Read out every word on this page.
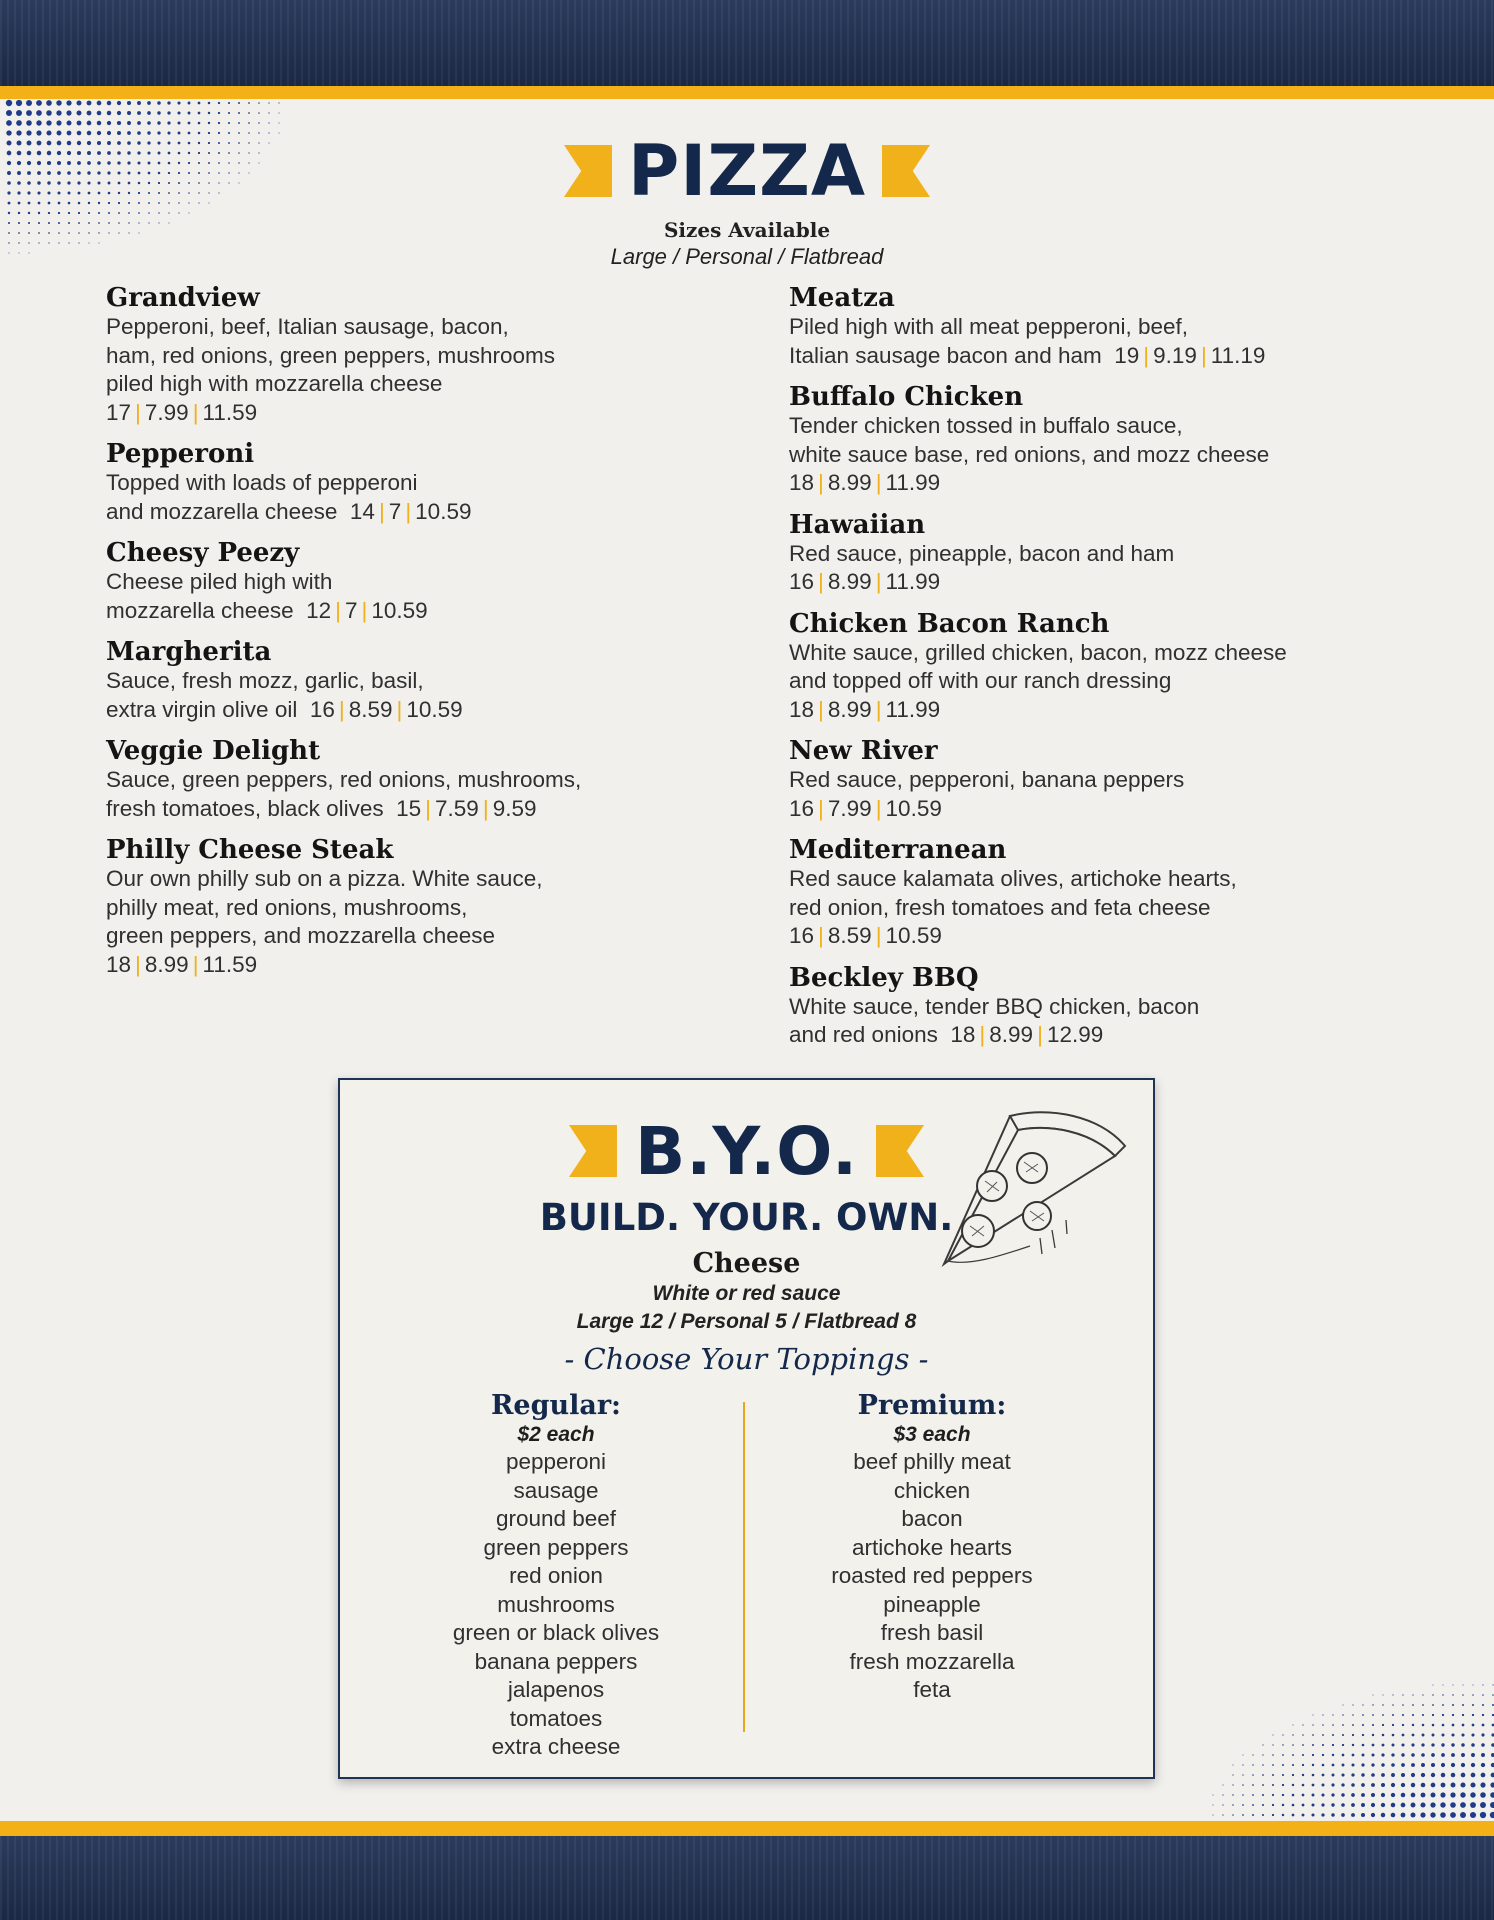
PIZZA
Sizes Available
Large / Personal / Flatbread
Grandview
Pepperoni, beef, Italian sausage, bacon,
ham, red onions, green peppers, mushrooms
piled high with mozzarella cheese
17 | 7.99 | 11.59
Pepperoni
Topped with loads of pepperoni
and mozzarella cheese 14 | 7 | 10.59
Cheesy Peezy
Cheese piled high with
mozzarella cheese 12 | 7 | 10.59
Margherita
Sauce, fresh mozz, garlic, basil,
extra virgin olive oil 16 | 8.59 | 10.59
Veggie Delight
Sauce, green peppers, red onions, mushrooms,
fresh tomatoes, black olives 15 | 7.59 | 9.59
Philly Cheese Steak
Our own philly sub on a pizza. White sauce,
philly meat, red onions, mushrooms,
green peppers, and mozzarella cheese
18 | 8.99 | 11.59
Meatza
Piled high with all meat pepperoni, beef,
Italian sausage bacon and ham 19 | 9.19 | 11.19
Buffalo Chicken
Tender chicken tossed in buffalo sauce,
white sauce base, red onions, and mozz cheese
18 | 8.99 | 11.99
Hawaiian
Red sauce, pineapple, bacon and ham
16 | 8.99 | 11.99
Chicken Bacon Ranch
White sauce, grilled chicken, bacon, mozz cheese
and topped off with our ranch dressing
18 | 8.99 | 11.99
New River
Red sauce, pepperoni, banana peppers
16 | 7.99 | 10.59
Mediterranean
Red sauce kalamata olives, artichoke hearts,
red onion, fresh tomatoes and feta cheese
16 | 8.59 | 10.59
Beckley BBQ
White sauce, tender BBQ chicken, bacon
and red onions 18 | 8.99 | 12.99
B.Y.O.
BUILD. YOUR. OWN.
Cheese
White or red sauce
Large 12 / Personal 5 / Flatbread 8
- Choose Your Toppings -
Regular:
$2 each
pepperoni
sausage
ground beef
green peppers
red onion
mushrooms
green or black olives
banana peppers
jalapenos
tomatoes
extra cheese
Premium:
$3 each
beef philly meat
chicken
bacon
artichoke hearts
roasted red peppers
pineapple
fresh basil
fresh mozzarella
feta
